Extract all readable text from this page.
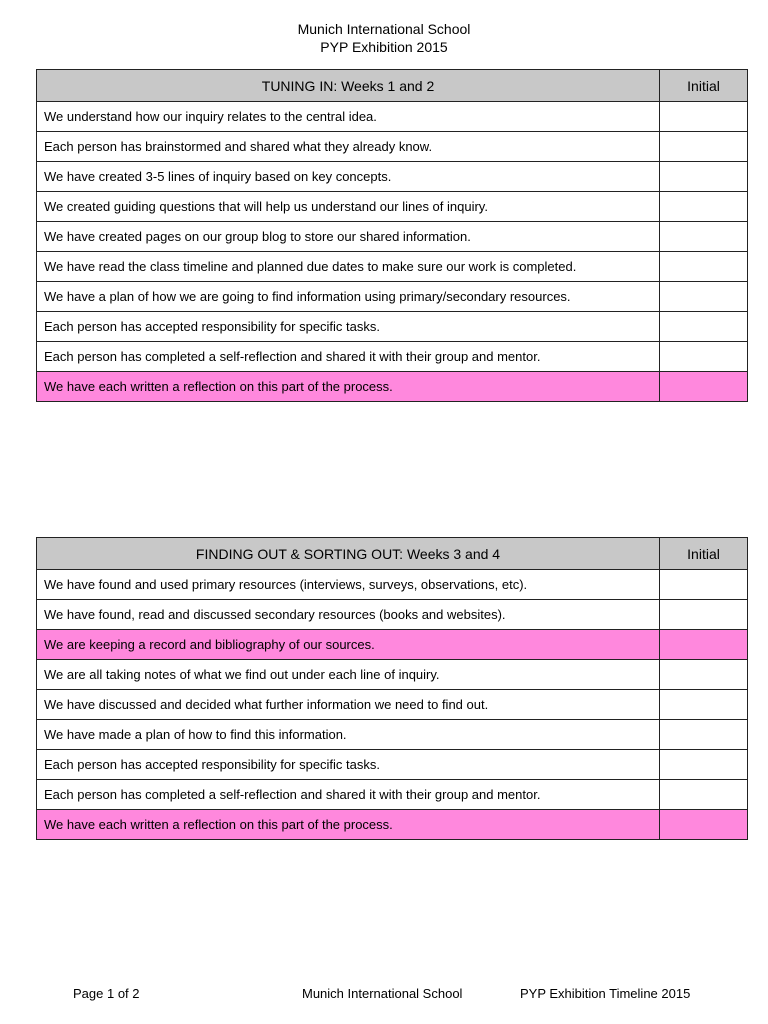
Munich International School
PYP Exhibition 2015
TUNING IN: Weeks 1 and 2	Initial
We understand how our inquiry relates to the central idea.	
Each person has brainstormed and shared what they already know.	
We have created 3-5 lines of inquiry based on key concepts.	
We created guiding questions that will help us understand our lines of inquiry.	
We have created pages on our group blog to store our shared information.	
We have read the class timeline and planned due dates to make sure our work is completed.	
We have a plan of how we are going to find information using primary/secondary resources.	
Each person has accepted responsibility for specific tasks.	
Each person has completed a self-reflection and shared it with their group and mentor.	
We have each written a reflection on this part of the process.	
FINDING OUT & SORTING OUT: Weeks 3 and 4	Initial
We have found and used primary resources (interviews, surveys, observations, etc).	
We have found, read and discussed secondary resources (books and websites).	
We are keeping a record and bibliography of our sources.	
We are all taking notes of what we find out under each line of inquiry.	
We have discussed and decided what further information we need to find out.	
We have made a plan of how to find this information.	
Each person has accepted responsibility for specific tasks.	
Each person has completed a self-reflection and shared it with their group and mentor.	
We have each written a reflection on this part of the process.	
Page 1 of 2	Munich International School	PYP Exhibition Timeline 2015
